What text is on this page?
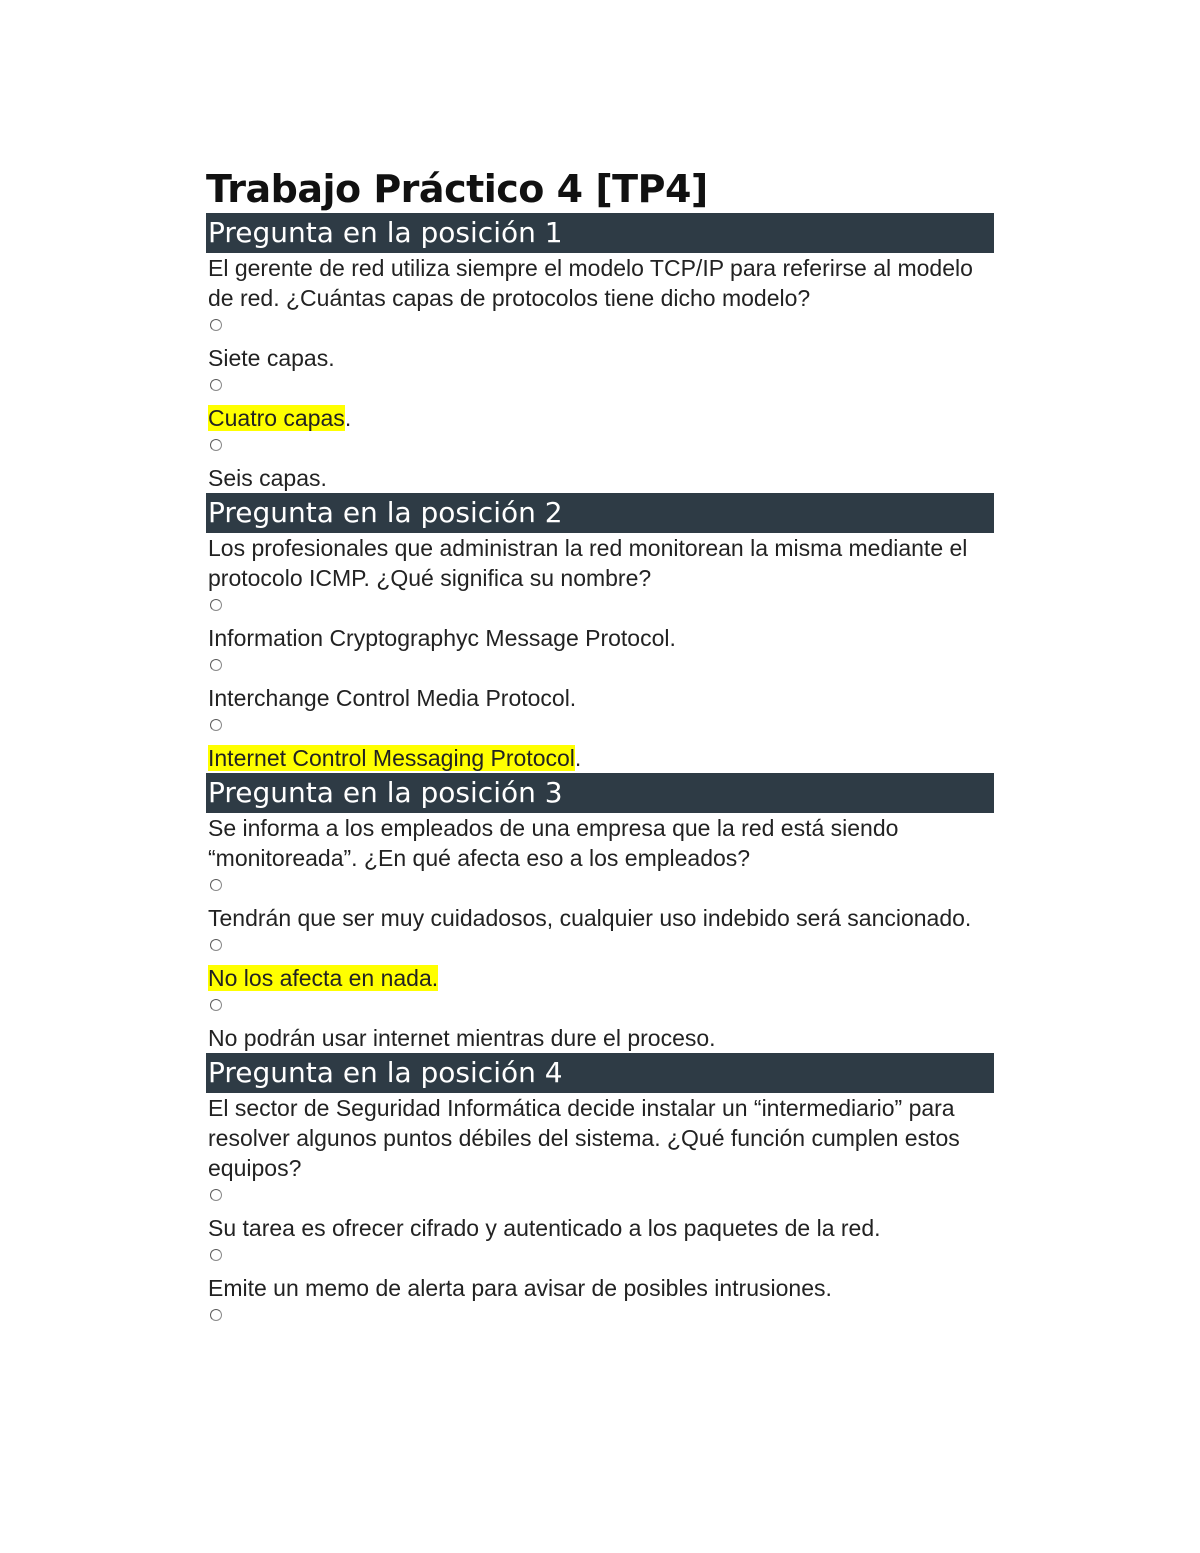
Trabajo Práctico 4 [TP4]
Pregunta en la posición 1

El gerente de red utiliza siempre el modelo TCP/IP para referirse al modelo de red. ¿Cuántas capas de protocolos tiene dicho modelo?

Siete capas.

Cuatro capas.

Seis capas.

Pregunta en la posición 2

Los profesionales que administran la red monitorean la misma mediante el protocolo ICMP. ¿Qué significa su nombre?

Information Cryptographyc Message Protocol.

Interchange Control Media Protocol.

Internet Control Messaging Protocol.

Pregunta en la posición 3

Se informa a los empleados de una empresa que la red está siendo “monitoreada”. ¿En qué afecta eso a los empleados?

Tendrán que ser muy cuidadosos, cualquier uso indebido será sancionado.

No los afecta en nada.

No podrán usar internet mientras dure el proceso.

Pregunta en la posición 4

El sector de Seguridad Informática decide instalar un “intermediario” para resolver algunos puntos débiles del sistema. ¿Qué función cumplen estos equipos?

Su tarea es ofrecer cifrado y autenticado a los paquetes de la red.

Emite un memo de alerta para avisar de posibles intrusiones.
